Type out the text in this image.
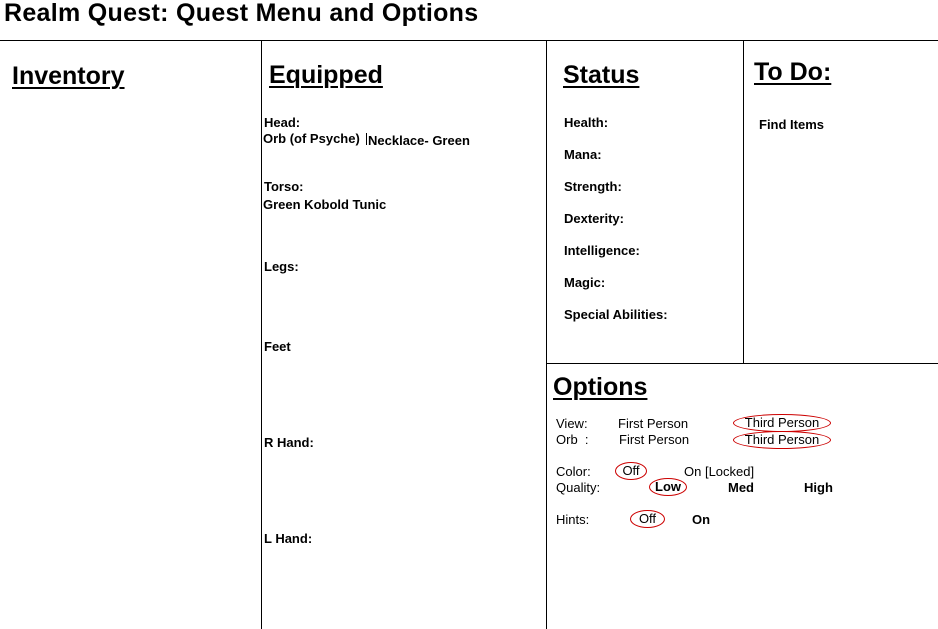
Realm Quest: Quest Menu and Options
Inventory	Equipped
Head:
Orb (of Psyche) Necklace- Green
Torso:
Green Kobold Tunic
Legs:
Feet
R Hand:
L Hand:
Status
Health:
Mana:
Strength:
Dexterity:
Intelligence:
Magic:
Special Abilities:
To Do:
Find Items
Options
View: First Person	Third Person
Orb  : First Person	Third Person
Color:	Off	On [Locked]
Quality:	Low	Med	High
Hints:	Off	On
